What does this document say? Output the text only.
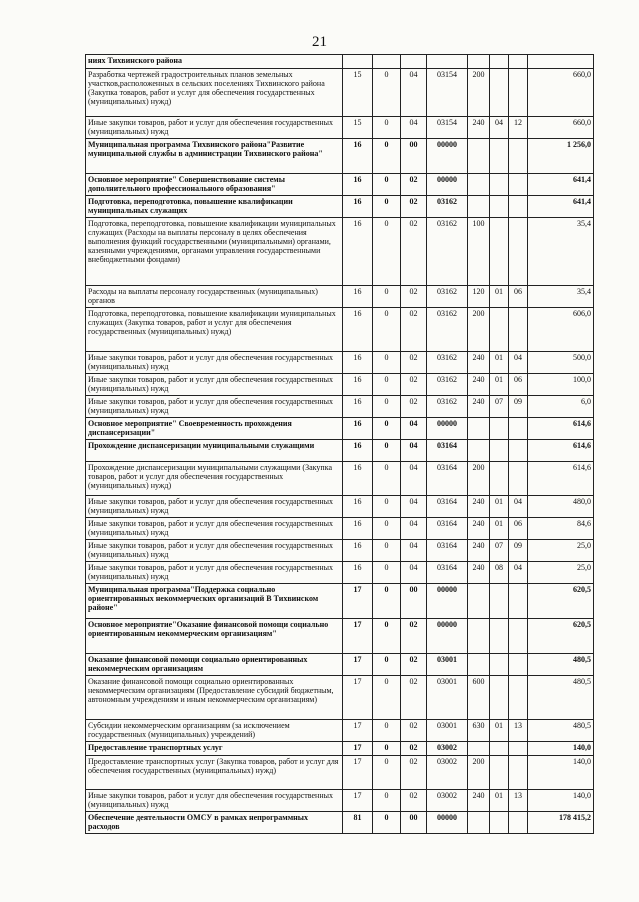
21
ниях Тихвинского района								
Разработка чертежей градостроительных планов земельных участков,расположенных в сельских поселениях Тихвинского района (Закупка товаров, работ и услуг для обеспечения государственных (муниципальных) нужд)	15	0	04	03154	200			660,0
Иные закупки товаров, работ и услуг для обеспечения государственных (муниципальных) нужд	15	0	04	03154	240	04	12	660,0
Муниципальная программа Тихвинского района"Развитие муниципальной службы в администрации Тихвинского района"	16	0	00	00000				1 256,0
Основное мероприятие" Совершенствование системы дополнительного профессионального образования"	16	0	02	00000				641,4
Подготовка, переподготовка, повышение квалификации муниципальных служащих	16	0	02	03162				641,4
Подготовка, переподготовка, повышение квалификации муниципальных служащих (Расходы на выплаты персоналу в целях обеспечения выполнения функций государственными (муниципальными) органами, казенными учреждениями, органами управления государственными внебюджетными фондами)	16	0	02	03162	100			35,4
Расходы на выплаты персоналу государственных (муниципальных) органов	16	0	02	03162	120	01	06	35,4
Подготовка, переподготовка, повышение квалификации муниципальных служащих (Закупка товаров, работ и услуг для обеспечения государственных (муниципальных) нужд)	16	0	02	03162	200			606,0
Иные закупки товаров, работ и услуг для обеспечения государственных (муниципальных) нужд	16	0	02	03162	240	01	04	500,0
Иные закупки товаров, работ и услуг для обеспечения государственных (муниципальных) нужд	16	0	02	03162	240	01	06	100,0
Иные закупки товаров, работ и услуг для обеспечения государственных (муниципальных) нужд	16	0	02	03162	240	07	09	6,0
Основное мероприятие" Своевременность прохождения диспансеризации"	16	0	04	00000				614,6
Прохождение диспансеризации муниципальными служащими	16	0	04	03164				614,6
Прохождение диспансеризации муниципальными служащими (Закупка товаров, работ и услуг для обеспечения государственных (муниципальных) нужд)	16	0	04	03164	200			614,6
Иные закупки товаров, работ и услуг для обеспечения государственных (муниципальных) нужд	16	0	04	03164	240	01	04	480,0
Иные закупки товаров, работ и услуг для обеспечения государственных (муниципальных) нужд	16	0	04	03164	240	01	06	84,6
Иные закупки товаров, работ и услуг для обеспечения государственных (муниципальных) нужд	16	0	04	03164	240	07	09	25,0
Иные закупки товаров, работ и услуг для обеспечения государственных (муниципальных) нужд	16	0	04	03164	240	08	04	25,0
Муниципальная программа"Поддержка социально ориентированных некоммерческих организаций В Тихвинском районе"	17	0	00	00000				620,5
Основное мероприятие"Оказание финансовой помощи социально ориентированным некоммерческим организациям"	17	0	02	00000				620,5
Оказание финансовой помощи социально ориентированных некоммерческим организациям	17	0	02	03001				480,5
Оказание финансовой помощи социально ориентированных некоммерческим организациям (Предоставление субсидий бюджетным, автономным учреждениям и иным некоммерческим организациям)	17	0	02	03001	600			480,5
Субсидии некоммерческим организациям (за исключением государственных (муниципальных) учреждений)	17	0	02	03001	630	01	13	480,5
Предоставление транспортных услуг	17	0	02	03002				140,0
Предоставление транспортных услуг (Закупка товаров, работ и услуг для обеспечения государственных (муниципальных) нужд)	17	0	02	03002	200			140,0
Иные закупки товаров, работ и услуг для обеспечения государственных (муниципальных) нужд	17	0	02	03002	240	01	13	140,0
Обеспечение деятельности ОМСУ в рамках непрограммных расходов	81	0	00	00000				178 415,2
